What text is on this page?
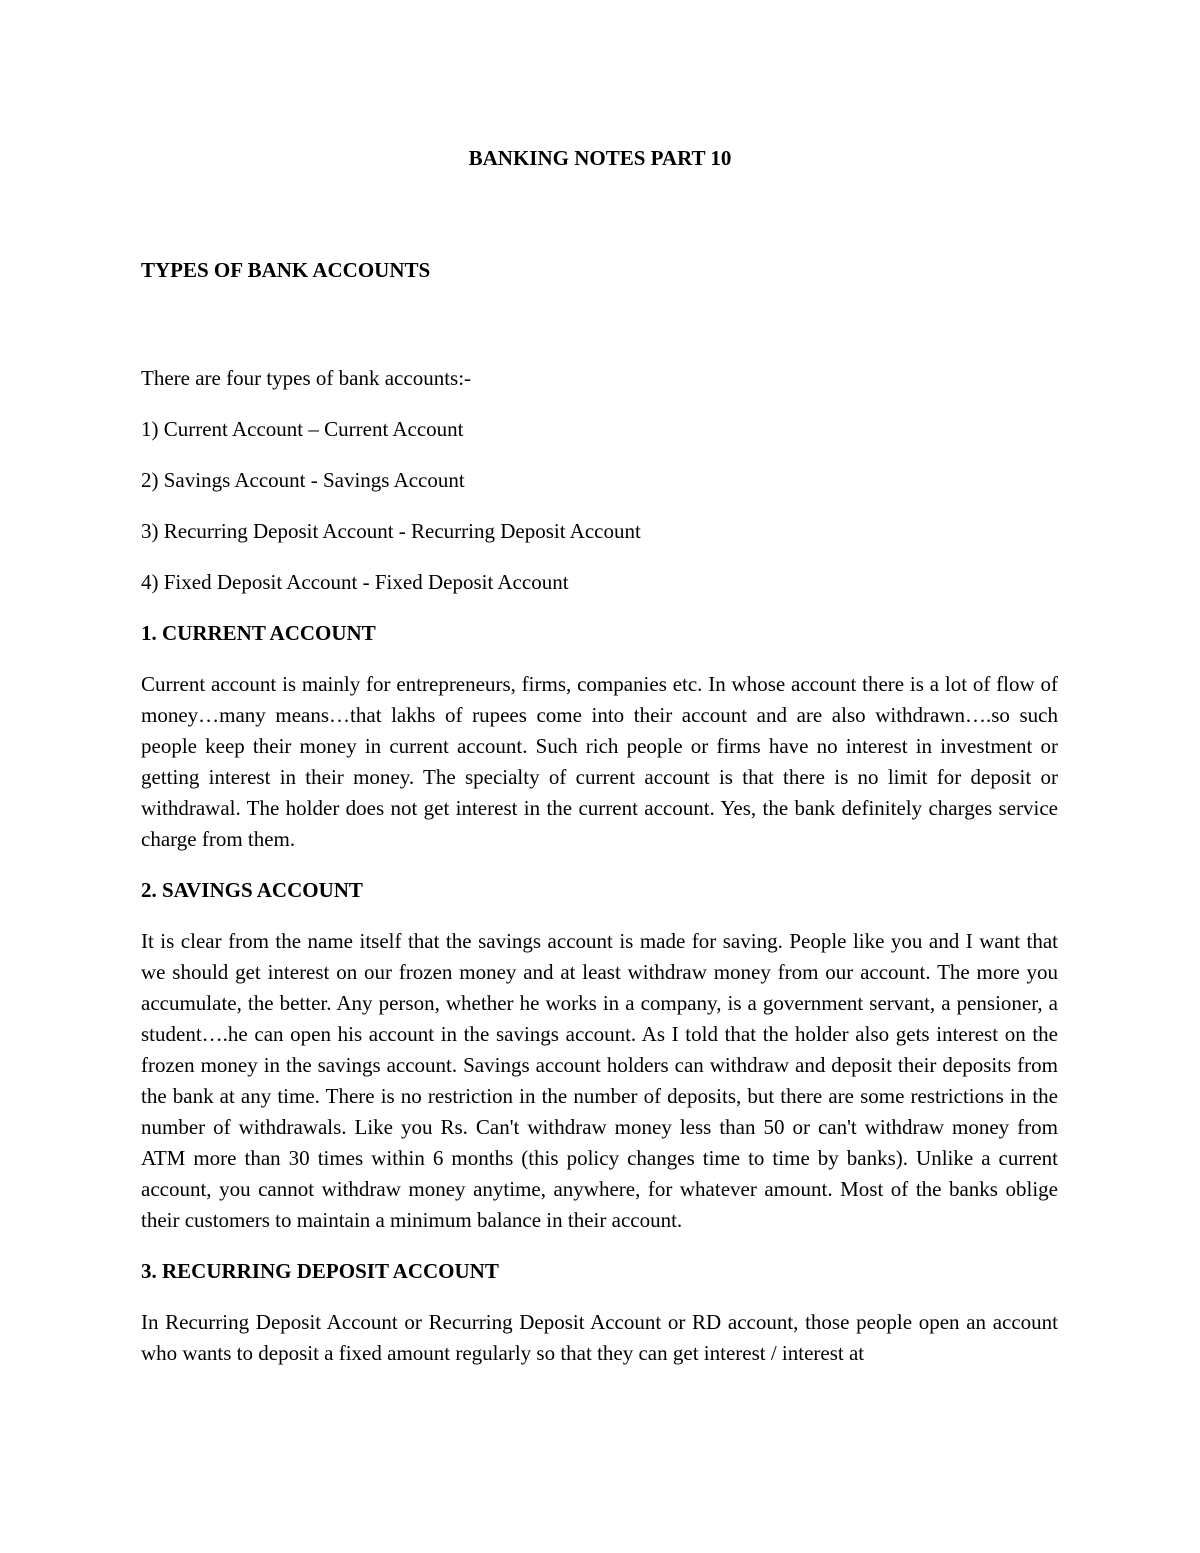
BANKING NOTES PART 10
TYPES OF BANK ACCOUNTS

There are four types of bank accounts:-

1) Current Account – Current Account

2) Savings Account - Savings Account

3) Recurring Deposit Account - Recurring Deposit Account

4) Fixed Deposit Account - Fixed Deposit Account

1. CURRENT ACCOUNT

Current account is mainly for entrepreneurs, firms, companies etc. In whose account there is a lot of flow of money…many means…that lakhs of rupees come into their account and are also withdrawn….so such people keep their money in current account. Such rich people or firms have no interest in investment or getting interest in their money. The specialty of current account is that there is no limit for deposit or withdrawal. The holder does not get interest in the current account. Yes, the bank definitely charges service charge from them.

2. SAVINGS ACCOUNT

It is clear from the name itself that the savings account is made for saving. People like you and I want that we should get interest on our frozen money and at least withdraw money from our account. The more you accumulate, the better. Any person, whether he works in a company, is a government servant, a pensioner, a student….he can open his account in the savings account. As I told that the holder also gets interest on the frozen money in the savings account. Savings account holders can withdraw and deposit their deposits from the bank at any time. There is no restriction in the number of deposits, but there are some restrictions in the number of withdrawals. Like you Rs. Can't withdraw money less than 50 or can't withdraw money from ATM more than 30 times within 6 months (this policy changes time to time by banks). Unlike a current account, you cannot withdraw money anytime, anywhere, for whatever amount. Most of the banks oblige their customers to maintain a minimum balance in their account.

3. RECURRING DEPOSIT ACCOUNT

In Recurring Deposit Account or Recurring Deposit Account or RD account, those people open an account who wants to deposit a fixed amount regularly so that they can get interest / interest at
